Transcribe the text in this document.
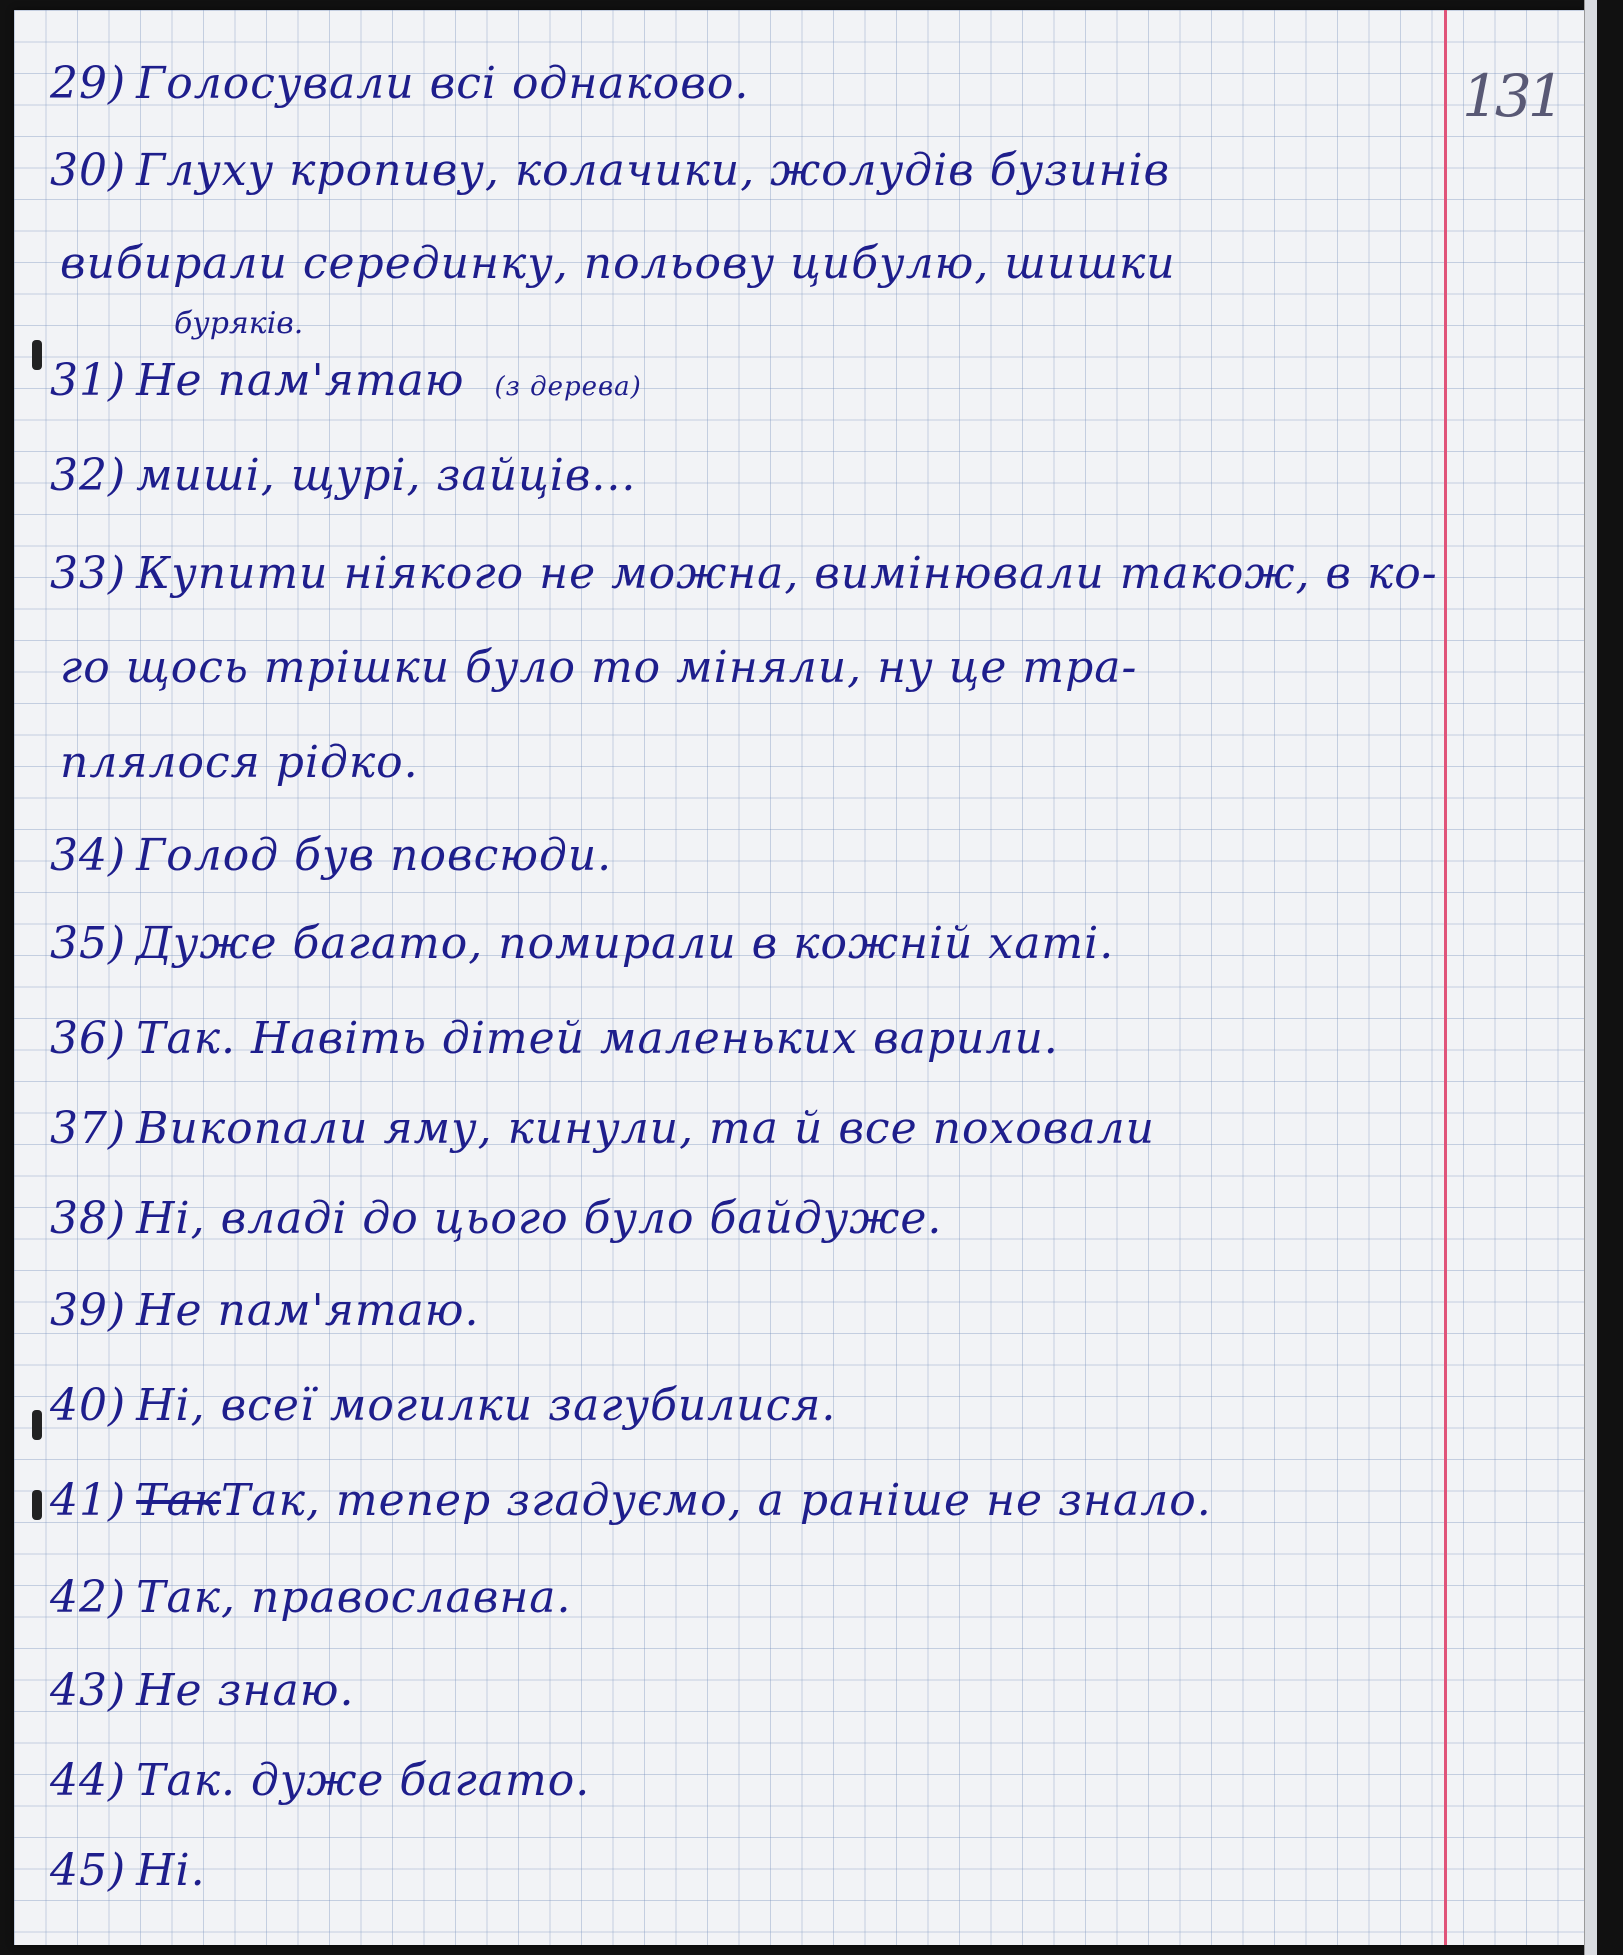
131
29) Голосували всі однаково.
30) Глуху кропиву, колачики, жолудів бузинів
вибирали серединку, польову цибулю, шишки
буряків.
31) Не пам'ятаю (з дерева)
32) миші, щурі, зайців...
33) Купити ніякого не можна, вимінювали також, в ко-
го щось трішки було то міняли, ну це тра-
плялося рідко.
34) Голод був повсюди.
35) Дуже багато, помирали в кожній хаті.
36) Так. Навіть дітей маленьких варили.
37) Викопали яму, кинули, та й все поховали
38) Ні, владі до цього було байдуже.
39) Не пам'ятаю.
40) Ні, всеї могилки загубилися.
41) ТакТак, тепер згадуємо, а раніше не знало.
42) Так, православна.
43) Не знаю.
44) Так. дуже багато.
45) Ні.
